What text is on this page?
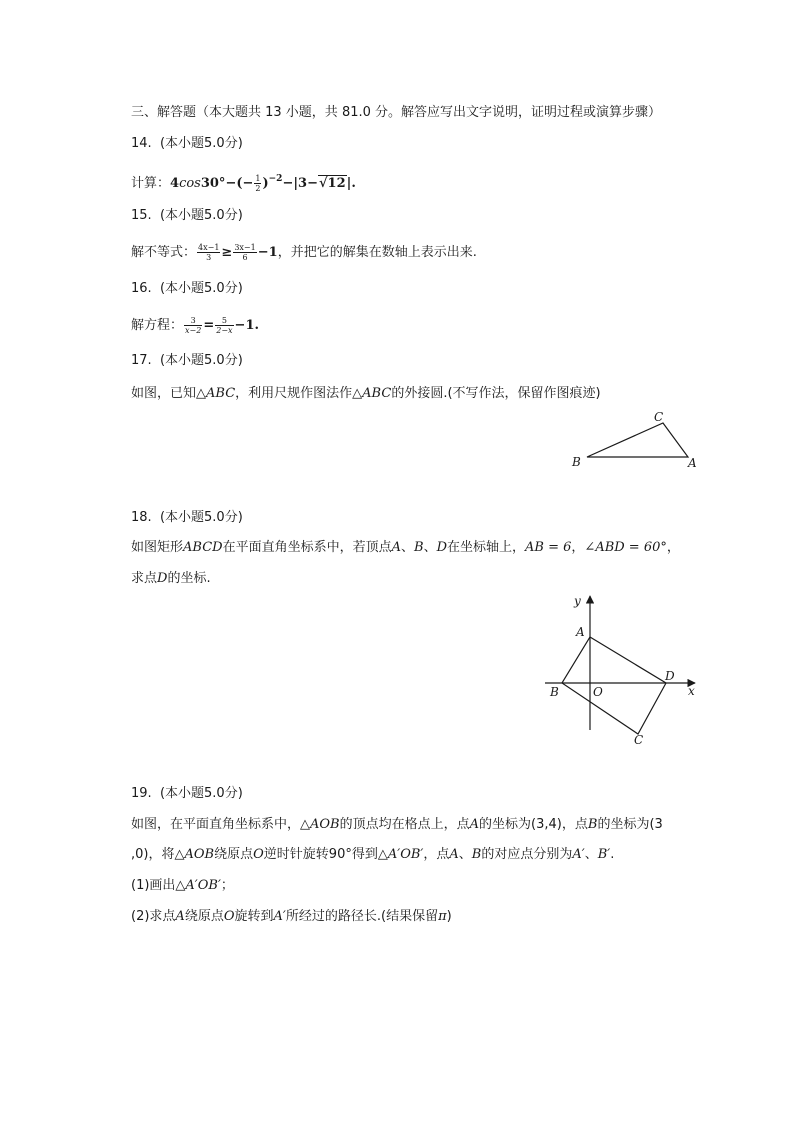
三、解答题（本大题共 13 小题，共 81.0 分。解答应写出文字说明，证明过程或演算步骤）
14. (本小题5.0分)
计算：$4\cos 30^\circ-(- \frac{1}{2} )^{-2}-|3-√12|$.
15. (本小题5.0分)
解不等式： $\frac{4x-1}{3} \ge \frac{3x-1}{6} -1$，并把它的解集在数轴上表示出来.
16. (本小题5.0分)
解方程： $\frac{3}{x-2} = \frac{5}{2-x} -1$.
17. (本小题5.0分)
如图，已知△ABC，利用尺规作图法作△ABC的外接圆.(不写作法，保留作图痕迹)
B	A
C
18. (本小题5.0分)
如图矩形ABCD在平面直角坐标系中，若顶点A、B、D在坐标轴上，AB = 6，∠ABD = 60°，
求点D的坐标.
y
x
A
B	O
D
C
19. (本小题5.0分)
如图，在平面直角坐标系中，△AOB的顶点均在格点上，点A的坐标为(3,4)，点B的坐标为(3
,0)，将△AOB绕原点O逆时针旋转90°得到△A′OB′，点A、B的对应点分别为A′、B′.
(1)画出△A′OB′；
(2)求点A绕原点O旋转到A′所经过的路径长.(结果保留π)
